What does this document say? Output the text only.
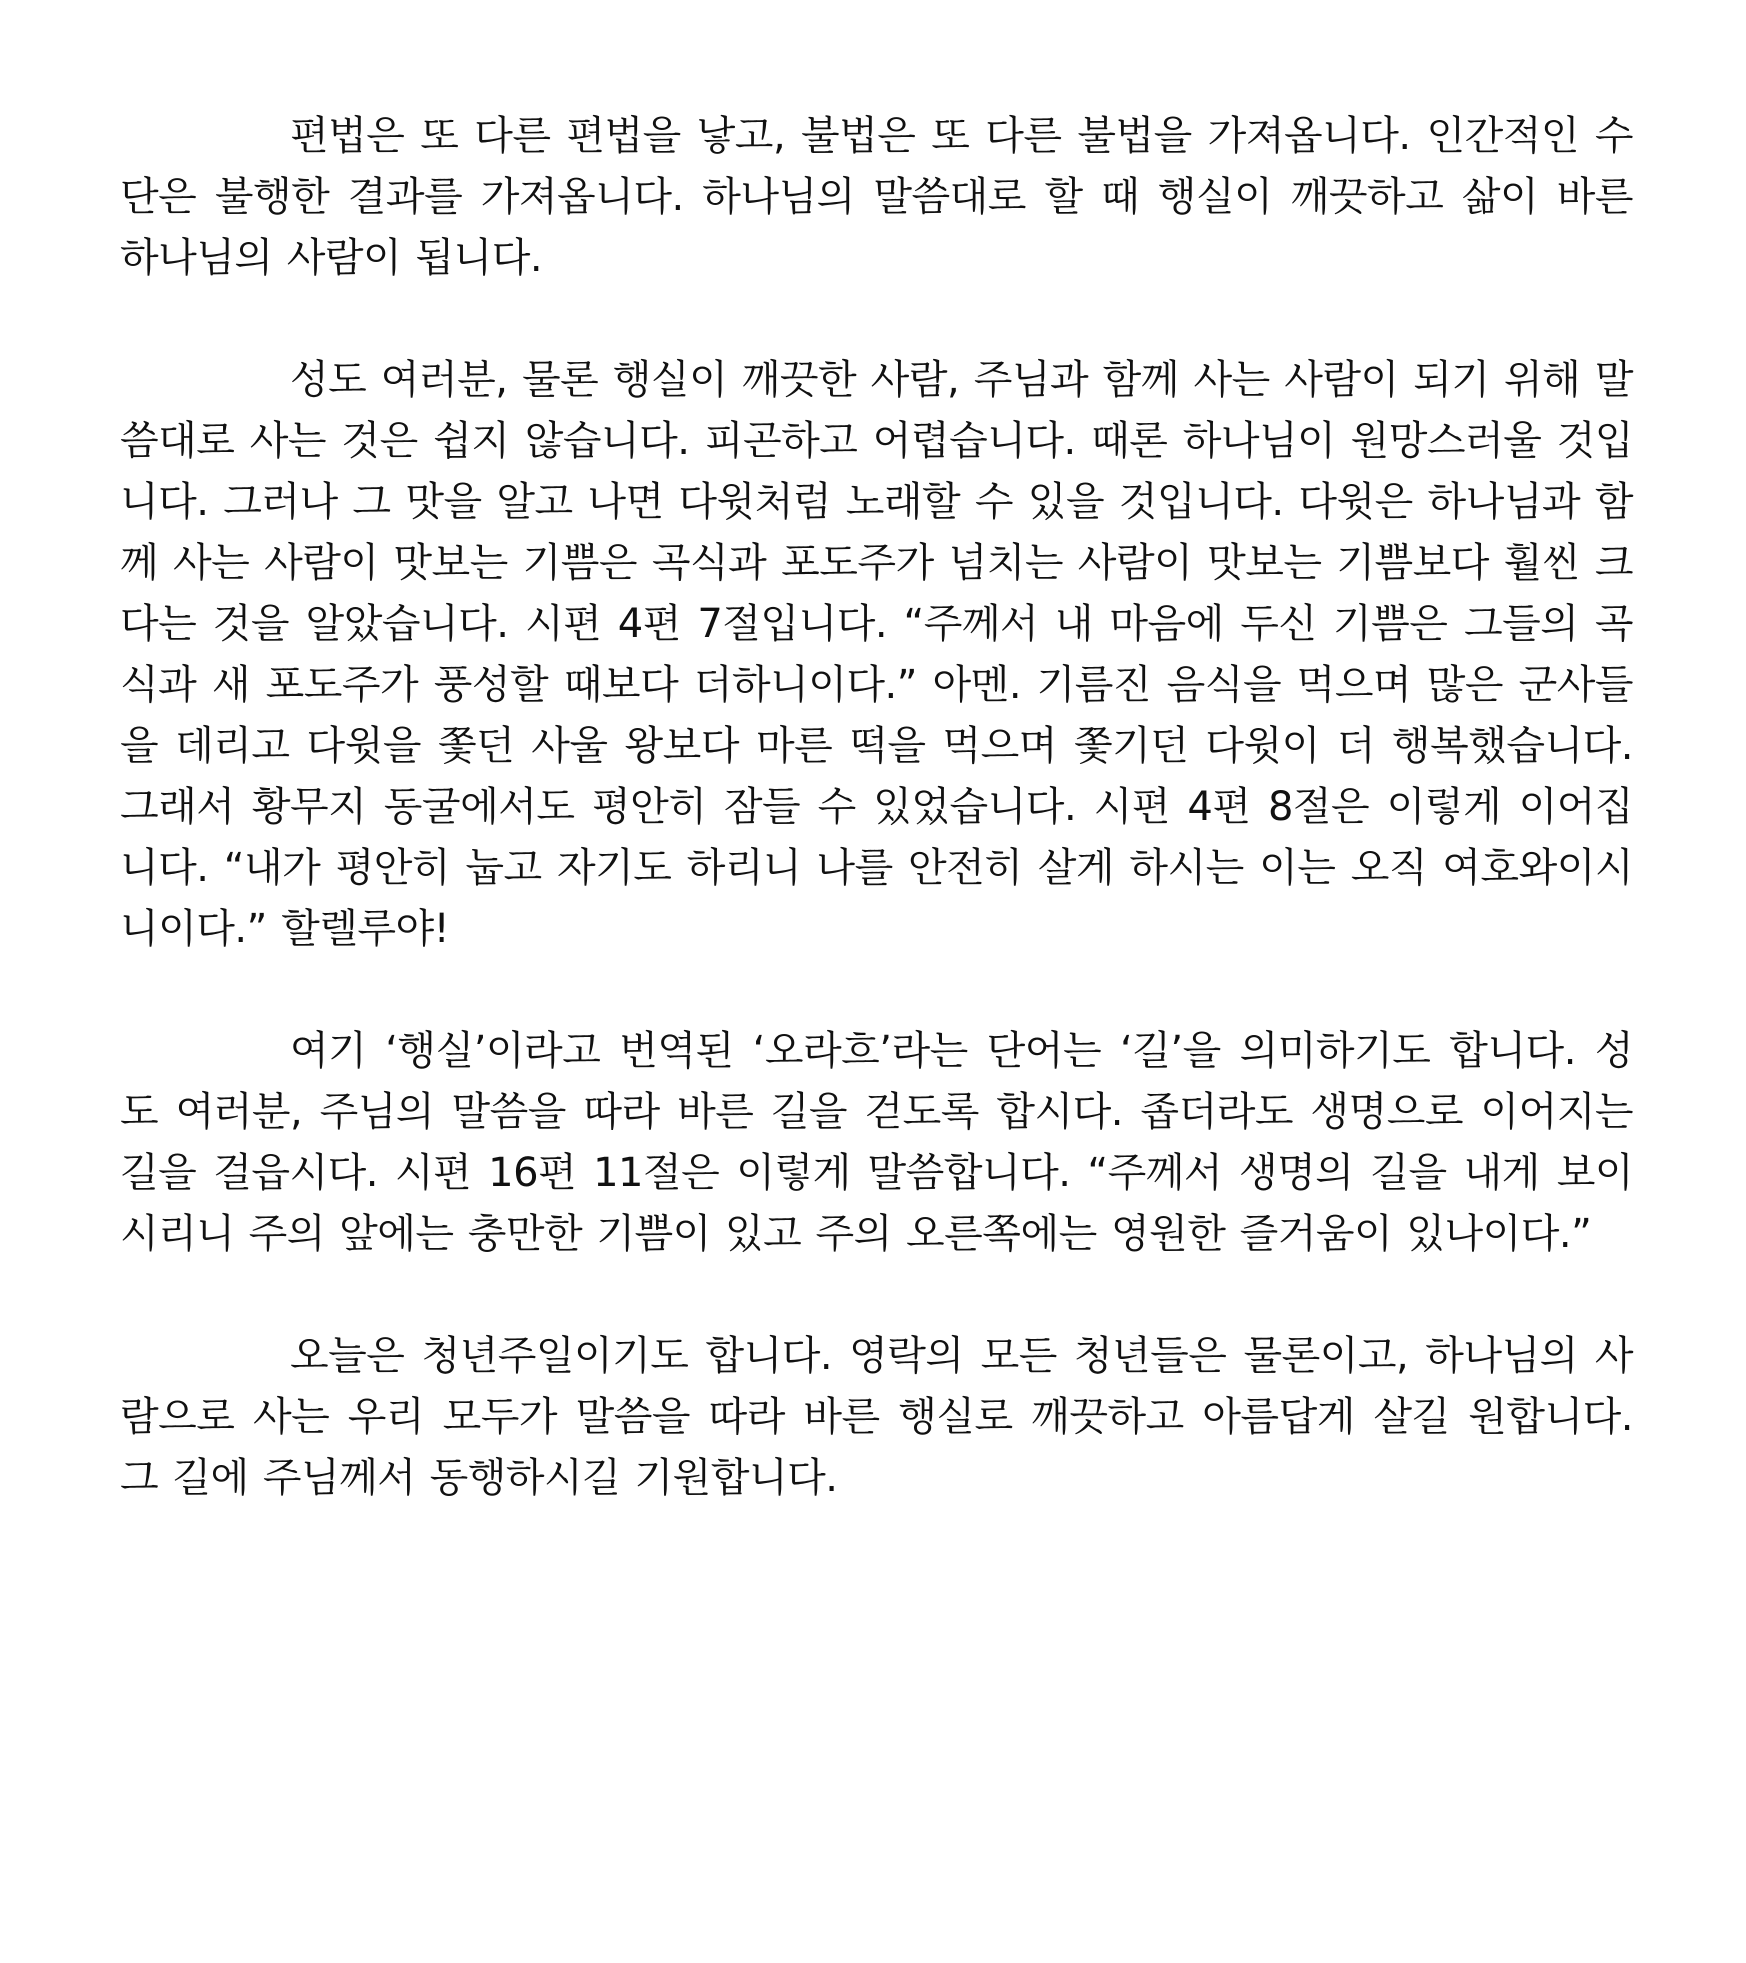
편법은 또 다른 편법을 낳고, 불법은 또 다른 불법을 가져옵니다. 인간적인 수단은 불행한 결과를 가져옵니다. 하나님의 말씀대로 할 때 행실이 깨끗하고 삶이 바른 하나님의 사람이 됩니다.

성도 여러분, 물론 행실이 깨끗한 사람, 주님과 함께 사는 사람이 되기 위해 말씀대로 사는 것은 쉽지 않습니다. 피곤하고 어렵습니다. 때론 하나님이 원망스러울 것입니다. 그러나 그 맛을 알고 나면 다윗처럼 노래할 수 있을 것입니다. 다윗은 하나님과 함께 사는 사람이 맛보는 기쁨은 곡식과 포도주가 넘치는 사람이 맛보는 기쁨보다 훨씬 크다는 것을 알았습니다. 시편 4편 7절입니다. “주께서 내 마음에 두신 기쁨은 그들의 곡식과 새 포도주가 풍성할 때보다 더하니이다.” 아멘. 기름진 음식을 먹으며 많은 군사들을 데리고 다윗을 쫓던 사울 왕보다 마른 떡을 먹으며 쫓기던 다윗이 더 행복했습니다. 그래서 황무지 동굴에서도 평안히 잠들 수 있었습니다. 시편 4편 8절은 이렇게 이어집니다. “내가 평안히 눕고 자기도 하리니 나를 안전히 살게 하시는 이는 오직 여호와이시니이다.” 할렐루야!

여기 ‘행실’이라고 번역된 ‘오라흐’라는 단어는 ‘길’을 의미하기도 합니다. 성도 여러분, 주님의 말씀을 따라 바른 길을 걷도록 합시다. 좁더라도 생명으로 이어지는 길을 걸읍시다. 시편 16편 11절은 이렇게 말씀합니다. “주께서 생명의 길을 내게 보이시리니 주의 앞에는 충만한 기쁨이 있고 주의 오른쪽에는 영원한 즐거움이 있나이다.”

오늘은 청년주일이기도 합니다. 영락의 모든 청년들은 물론이고, 하나님의 사람으로 사는 우리 모두가 말씀을 따라 바른 행실로 깨끗하고 아름답게 살길 원합니다. 그 길에 주님께서 동행하시길 기원합니다.
